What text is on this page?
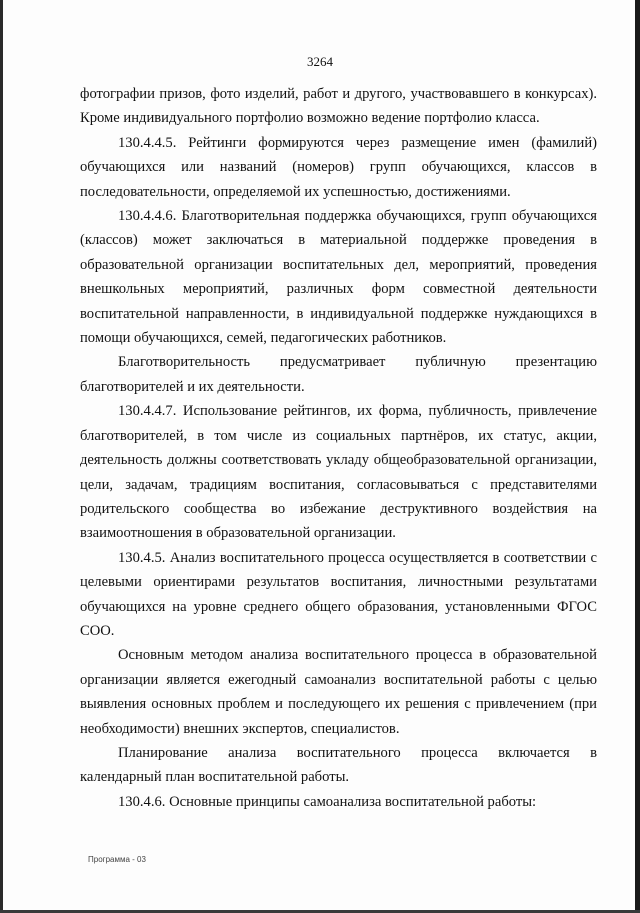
3264

фотографии призов, фото изделий, работ и другого, участвовавшего в конкурсах). Кроме индивидуального портфолио возможно ведение портфолио класса.

130.4.4.5. Рейтинги формируются через размещение имен (фамилий) обучающихся или названий (номеров) групп обучающихся, классов в последовательности, определяемой их успешностью, достижениями.

130.4.4.6. Благотворительная поддержка обучающихся, групп обучающихся (классов) может заключаться в материальной поддержке проведения в образовательной организации воспитательных дел, мероприятий, проведения внешкольных мероприятий, различных форм совместной деятельности воспитательной направленности, в индивидуальной поддержке нуждающихся в помощи обучающихся, семей, педагогических работников.

Благотворительность предусматривает публичную презентацию благотворителей и их деятельности.

130.4.4.7. Использование рейтингов, их форма, публичность, привлечение благотворителей, в том числе из социальных партнёров, их статус, акции, деятельность должны соответствовать укладу общеобразовательной организации, цели, задачам, традициям воспитания, согласовываться с представителями родительского сообщества во избежание деструктивного воздействия на взаимоотношения в образовательной организации.

130.4.5. Анализ воспитательного процесса осуществляется в соответствии с целевыми ориентирами результатов воспитания, личностными результатами обучающихся на уровне среднего общего образования, установленными ФГОС СОО.

Основным методом анализа воспитательного процесса в образовательной организации является ежегодный самоанализ воспитательной работы с целью выявления основных проблем и последующего их решения с привлечением (при необходимости) внешних экспертов, специалистов.

Планирование анализа воспитательного процесса включается в календарный план воспитательной работы.

130.4.6. Основные принципы самоанализа воспитательной работы:

Программа - 03
